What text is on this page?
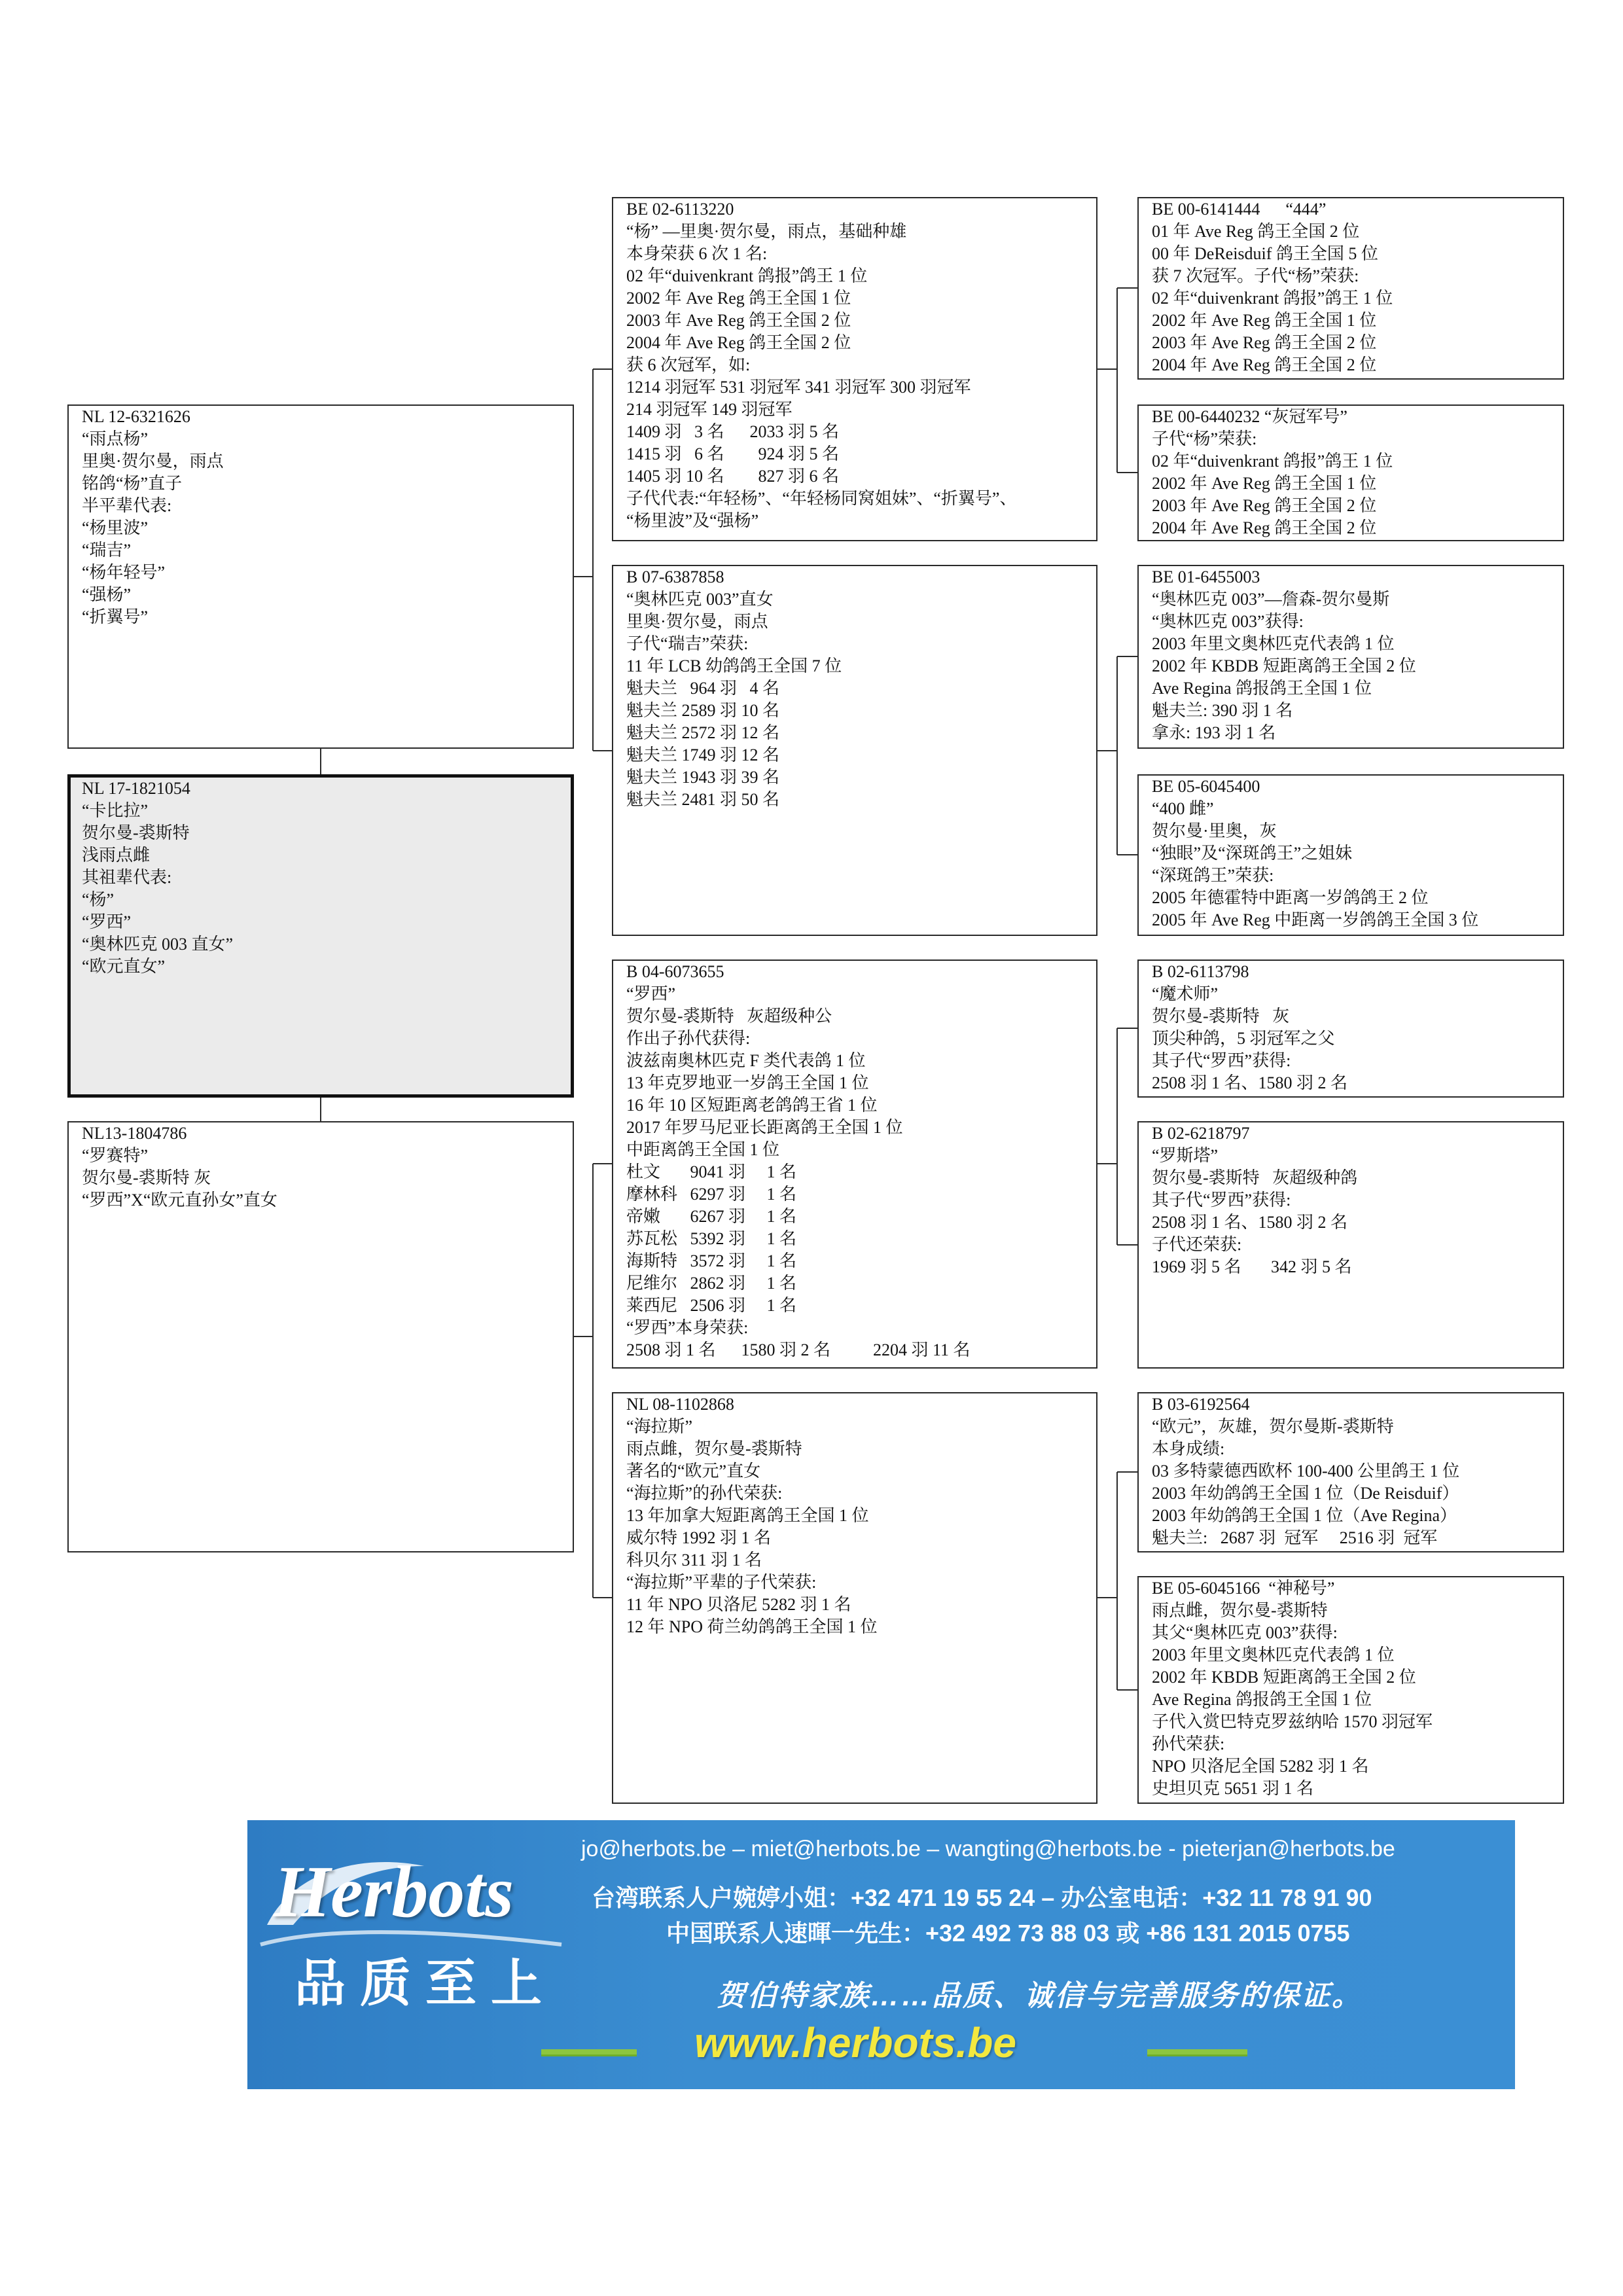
NL 12-6321626
“雨点杨”
里奥·贺尔曼，雨点
铭鸽“杨”直子
半平辈代表:
“杨里波”
“瑞吉”
“杨年轻号”
“强杨”
“折翼号”
NL 17-1821054
“卡比拉”
贺尔曼-裘斯特
浅雨点雌
其祖辈代表:
“杨”
“罗西”
“奥林匹克 003 直女”
“欧元直女”
NL13-1804786
“罗赛特”
贺尔曼-裘斯特 灰
“罗西”X“欧元直孙女”直女
BE 02-6113220
“杨” —里奥·贺尔曼，雨点，基础种雄
本身荣获 6 次 1 名:
02 年“duivenkrant 鸽报”鸽王 1 位
2002 年 Ave Reg 鸽王全国 1 位
2003 年 Ave Reg 鸽王全国 2 位
2004 年 Ave Reg 鸽王全国 2 位
获 6 次冠军，如:
1214 羽冠军 531 羽冠军 341 羽冠军 300 羽冠军
214 羽冠军 149 羽冠军
1409 羽   3 名      2033 羽 5 名
1415 羽   6 名        924 羽 5 名
1405 羽 10 名        827 羽 6 名
子代代表:“年轻杨”、“年轻杨同窝姐妹”、“折翼号”、
“杨里波”及“强杨”
B 07-6387858
“奥林匹克 003”直女
里奥·贺尔曼，雨点
子代“瑞吉”荣获:
11 年 LCB 幼鸽鸽王全国 7 位
魁夫兰   964 羽   4 名
魁夫兰 2589 羽 10 名
魁夫兰 2572 羽 12 名
魁夫兰 1749 羽 12 名
魁夫兰 1943 羽 39 名
魁夫兰 2481 羽 50 名
B 04-6073655
“罗西”
贺尔曼-裘斯特   灰超级种公
作出子孙代获得:
波兹南奥林匹克 F 类代表鸽 1 位
13 年克罗地亚一岁鸽王全国 1 位
16 年 10 区短距离老鸽鸽王省 1 位
2017 年罗马尼亚长距离鸽王全国 1 位
中距离鸽王全国 1 位
杜文       9041 羽     1 名
摩林科   6297 羽     1 名
帝嫩       6267 羽     1 名
苏瓦松   5392 羽     1 名
海斯特   3572 羽     1 名
尼维尔   2862 羽     1 名
莱西尼   2506 羽     1 名
“罗西”本身荣获:
2508 羽 1 名      1580 羽 2 名          2204 羽 11 名
NL 08-1102868
“海拉斯”
雨点雌，贺尔曼-裘斯特
著名的“欧元”直女
“海拉斯”的孙代荣获:
13 年加拿大短距离鸽王全国 1 位
威尔特 1992 羽 1 名
科贝尔 311 羽 1 名
“海拉斯”平辈的子代荣获:
11 年 NPO 贝洛尼 5282 羽 1 名
12 年 NPO 荷兰幼鸽鸽王全国 1 位
BE 00-6141444      “444”
01 年 Ave Reg 鸽王全国 2 位
00 年 DeReisduif 鸽王全国 5 位
获 7 次冠军。子代“杨”荣获:
02 年“duivenkrant 鸽报”鸽王 1 位
2002 年 Ave Reg 鸽王全国 1 位
2003 年 Ave Reg 鸽王全国 2 位
2004 年 Ave Reg 鸽王全国 2 位
BE 00-6440232 “灰冠军号”
子代“杨”荣获:
02 年“duivenkrant 鸽报”鸽王 1 位
2002 年 Ave Reg 鸽王全国 1 位
2003 年 Ave Reg 鸽王全国 2 位
2004 年 Ave Reg 鸽王全国 2 位
BE 01-6455003
“奥林匹克 003”—詹森-贺尔曼斯
“奥林匹克 003”获得:
2003 年里文奥林匹克代表鸽 1 位
2002 年 KBDB 短距离鸽王全国 2 位
Ave Regina 鸽报鸽王全国 1 位
魁夫兰: 390 羽 1 名
拿永: 193 羽 1 名
BE 05-6045400
“400 雌”
贺尔曼·里奥，灰
“独眼”及“深斑鸽王”之姐妹
“深斑鸽王”荣获:
2005 年德霍特中距离一岁鸽鸽王 2 位
2005 年 Ave Reg 中距离一岁鸽鸽王全国 3 位
B 02-6113798
“魔术师”
贺尔曼-裘斯特   灰
顶尖种鸽，5 羽冠军之父
其子代“罗西”获得:
2508 羽 1 名、1580 羽 2 名
B 02-6218797
“罗斯塔”
贺尔曼-裘斯特   灰超级种鸽
其子代“罗西”获得:
2508 羽 1 名、1580 羽 2 名
子代还荣获:
1969 羽 5 名       342 羽 5 名
B 03-6192564
“欧元”，灰雄，贺尔曼斯-裘斯特
本身成绩:
03 多特蒙德西欧杯 100-400 公里鸽王 1 位
2003 年幼鸽鸽王全国 1 位（De Reisduif）
2003 年幼鸽鸽王全国 1 位（Ave Regina）
魁夫兰:   2687 羽  冠军     2516 羽  冠军
BE 05-6045166  “神秘号”
雨点雌，贺尔曼-裘斯特
其父“奥林匹克 003”获得:
2003 年里文奥林匹克代表鸽 1 位
2002 年 KBDB 短距离鸽王全国 2 位
Ave Regina 鸽报鸽王全国 1 位
子代入赏巴特克罗兹纳哈 1570 羽冠军
孙代荣获:
NPO 贝洛尼全国 5282 羽 1 名
史坦贝克 5651 羽 1 名
Herbots
品质至上
jo@herbots.be – miet@herbots.be – wangting@herbots.be - pieterjan@herbots.be
台湾联系人户婉婷小姐：+32 471 19 55 24 – 办公室电话：+32 11 78 91 90
中国联系人速暉一先生：+32 492 73 88 03 或 +86 131 2015 0755
贺伯特家族……品质、诚信与完善服务的保证。
www.herbots.be
